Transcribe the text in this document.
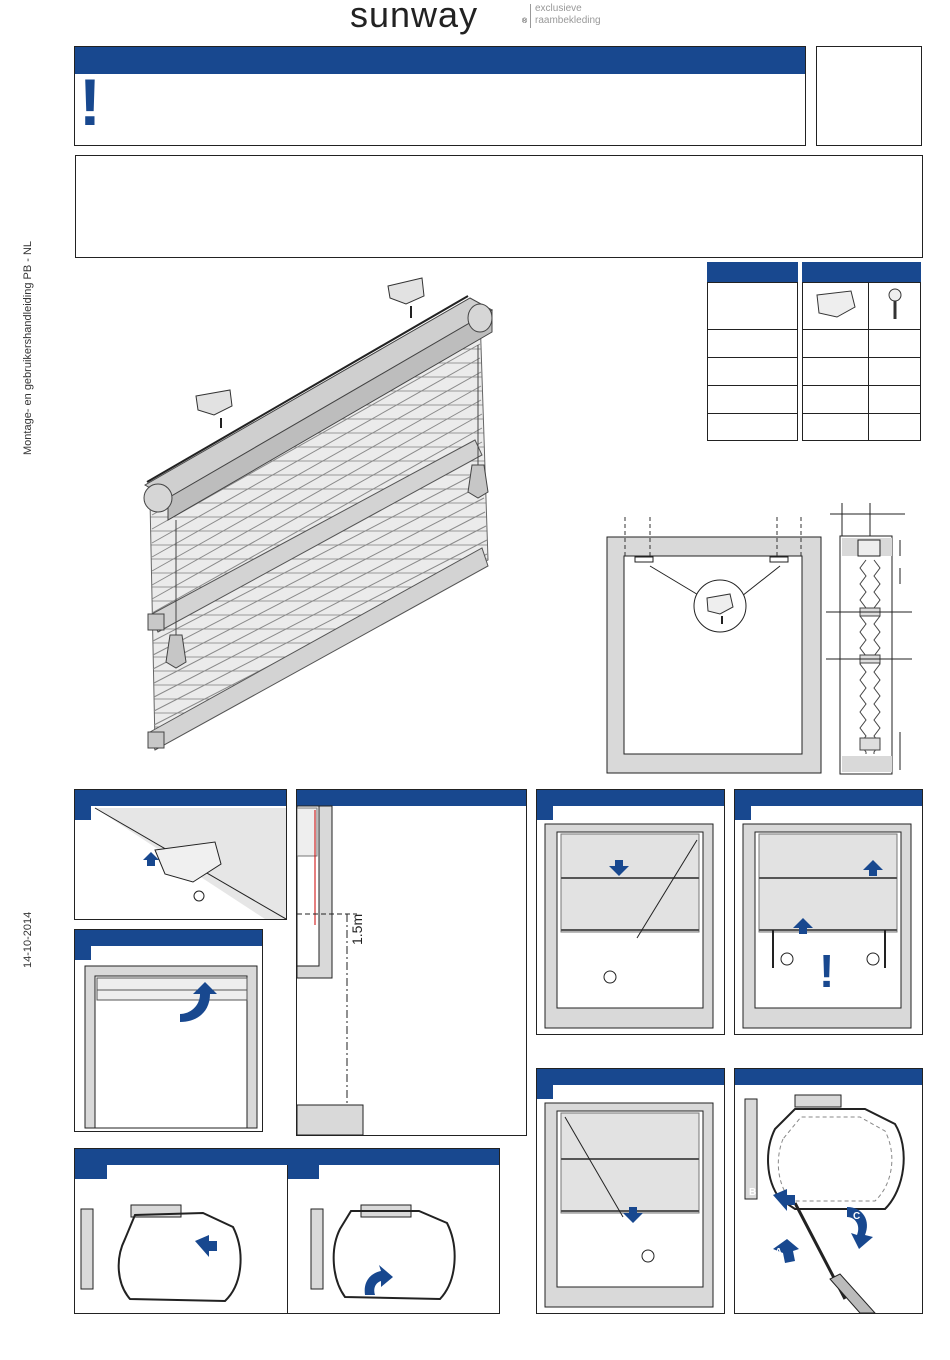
sunway	®
exclusieve
raambekleding
Montage- en gebruikershandleiding PB - NL
14-10-2014
!
1.5m
!
B
A
C
